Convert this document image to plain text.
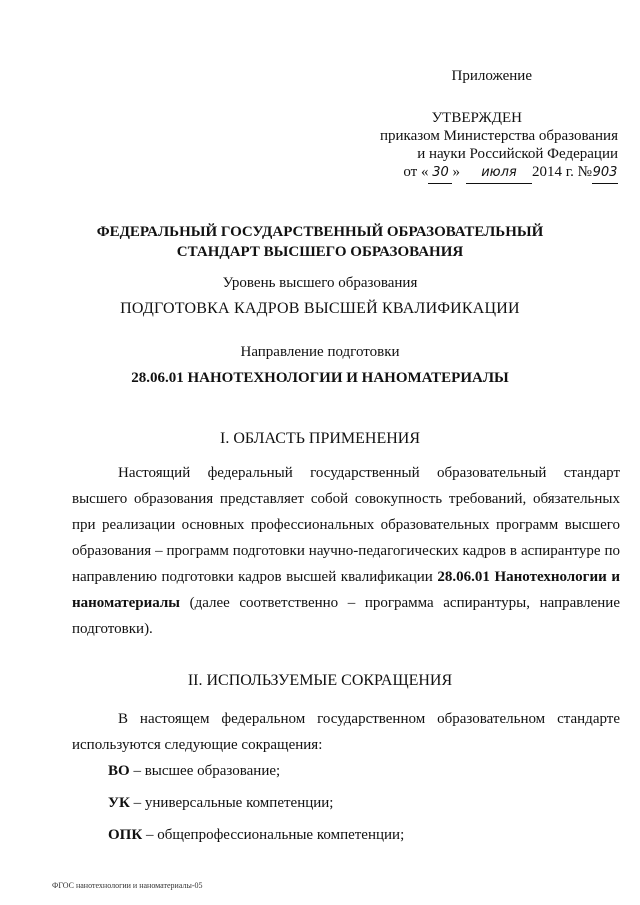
Приложение
УТВЕРЖДЕН
приказом Министерства образования
и науки Российской Федерации
от « 30 » июля 2014 г. №903
ФЕДЕРАЛЬНЫЙ ГОСУДАРСТВЕННЫЙ ОБРАЗОВАТЕЛЬНЫЙ
СТАНДАРТ ВЫСШЕГО ОБРАЗОВАНИЯ
Уровень высшего образования
ПОДГОТОВКА КАДРОВ ВЫСШЕЙ КВАЛИФИКАЦИИ
Направление подготовки
28.06.01 НАНОТЕХНОЛОГИИ И НАНОМАТЕРИАЛЫ
I. ОБЛАСТЬ ПРИМЕНЕНИЯ

Настоящий федеральный государственный образовательный стандарт высшего образования представляет собой совокупность требований, обязательных при реализации основных профессиональных образовательных программ высшего образования – программ подготовки научно-педагогических кадров в аспирантуре по направлению подготовки кадров высшей квалификации 28.06.01 Нанотехнологии и наноматериалы (далее соответственно – программа аспирантуры, направление подготовки).

II. ИСПОЛЬЗУЕМЫЕ СОКРАЩЕНИЯ

В настоящем федеральном государственном образовательном стандарте используются следующие сокращения:

ВО – высшее образование;
УК – универсальные компетенции;
ОПК – общепрофессиональные компетенции;
ФГОС нанотехнологии и наноматериалы-05
